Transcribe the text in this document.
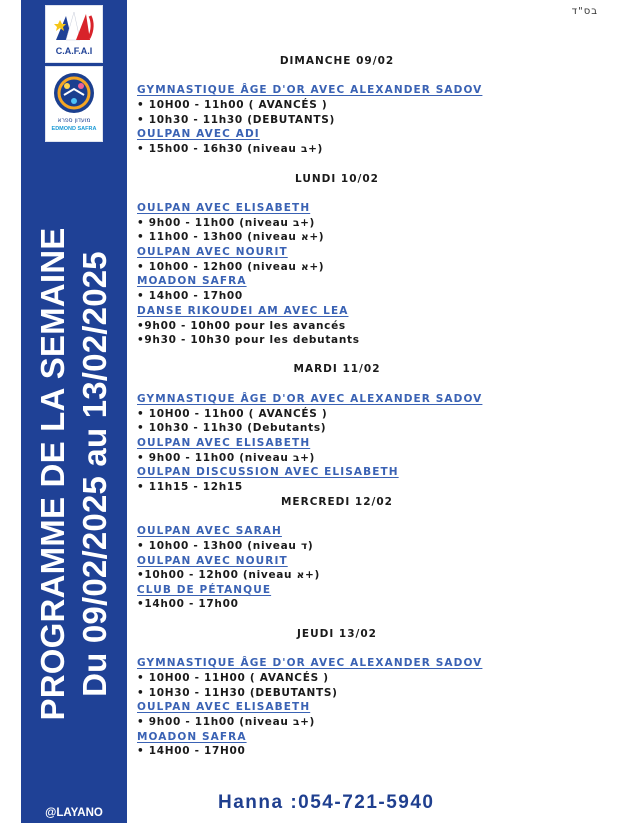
C.A.F.A.I
מועדון ספרא
EDMOND SAFRA
PROGRAMME DE LA SEMAINE Du 09/02/2025 au 13/02/2025
@LAYANO
בס"ד
DIMANCHE 09/02
GYMNASTIQUE ÂGE D'OR AVEC ALEXANDER SADOV
• 10H00 - 11h00 ( AVANCÉS )
• 10h30 - 11h30 (DEBUTANTS)
OULPAN AVEC ADI
• 15h00 - 16h30 (niveau ב+)
LUNDI 10/02
OULPAN AVEC ELISABETH
• 9h00 - 11h00 (niveau ב+)
• 11h00 - 13h00 (niveau א+)
OULPAN AVEC NOURIT
• 10h00 - 12h00 (niveau א+)
MOADON SAFRA
• 14h00 - 17h00
DANSE RIKOUDEI AM AVEC LEA
•9h00 - 10h00 pour les avancés
•9h30 - 10h30 pour les debutants
MARDI 11/02
GYMNASTIQUE ÂGE D'OR AVEC ALEXANDER SADOV
• 10H00 - 11h00 ( AVANCÉS )
• 10h30 - 11h30 (Debutants)
OULPAN AVEC ELISABETH
• 9h00 - 11h00 (niveau ב+)
OULPAN DISCUSSION AVEC ELISABETH
• 11h15 - 12h15
MERCREDI 12/02
OULPAN AVEC SARAH
• 10h00 - 13h00 (niveau ד)
OULPAN AVEC NOURIT
•10h00 - 12h00 (niveau א+)
CLUB DE PÉTANQUE
•14h00 - 17h00
JEUDI 13/02
GYMNASTIQUE ÂGE D'OR AVEC ALEXANDER SADOV
• 10H00 - 11H00 ( AVANCÉS )
• 10H30 - 11H30 (DEBUTANTS)
OULPAN AVEC ELISABETH
• 9h00 - 11h00 (niveau ב+)
MOADON SAFRA
• 14H00 - 17H00
Hanna :054-721-5940
